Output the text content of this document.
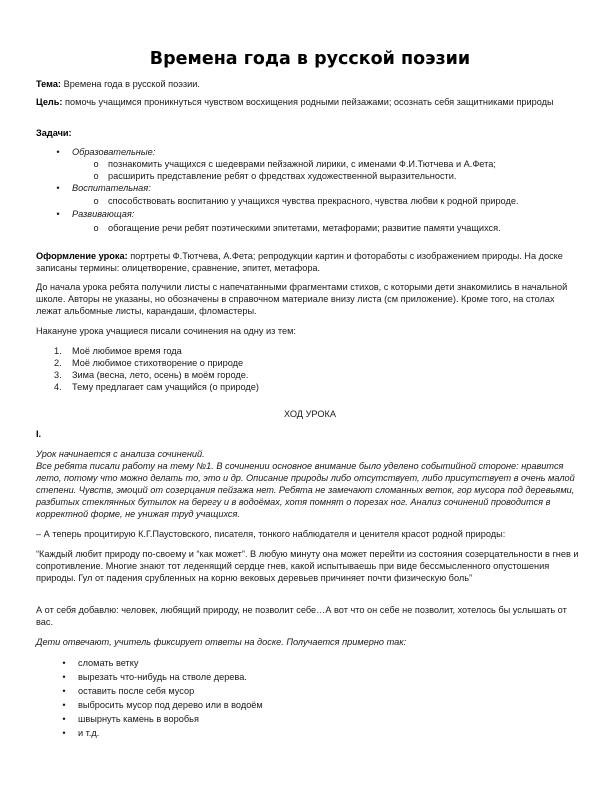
Времена года в русской поэзии
Тема: Времена года в русской поэзии.
Цель: помочь учащимся проникнуться чувством восхищения родными пейзажами; осознать себя защитниками природы
Задачи:
• Образовательные:
o познакомить учащихся с шедеврами пейзажной лирики, с именами Ф.И.Тютчева и А.Фета;
o расширить представление ребят о фредствах художественной выразительности.
• Воспитательная:
o способствовать воспитанию у учащихся чувства прекрасного, чувства любви к родной природе.
• Развивающая:
o обогащение речи ребят поэтическими эпитетами, метафорами; развитие памяти учащихся.
Оформление урока: портреты Ф.Тютчева, А.Фета; репродукции картин и фотоработы с изображением природы. На доске записаны термины: олицетворение, сравнение, эпитет, метафора.
До начала урока ребята получили листы с напечатанными фрагментами стихов, с которыми дети знакомились в начальной школе. Авторы не указаны, но обозначены в справочном материале внизу листа (см приложение). Кроме того, на столах лежат альбомные листы, карандаши, фломастеры.
Накануне урока учащиеся писали сочинения на одну из тем:
1. Моё любимое время года
2. Моё любимое стихотворение о природе
3. Зима (весна, лето, осень) в моём городе.
4. Тему предлагает сам учащийся (о природе)
ХОД УРОКА
I.
Урок начинается с анализа сочинений.
Все ребята писали работу на тему №1. В сочинении основное внимание было уделено событийной стороне: нравится лето, потому что можно делать то, это и др. Описание природы либо отсутствует, либо присутствует в очень малой степени. Чувств, эмоций от созерцания пейзажа нет. Ребята не замечают сломанных веток, гор мусора под деревьями, разбитых стеклянных бутылок на берегу и в водоёмах, хотя помнят о порезах ног. Анализ сочинений проводится в корректной форме, не унижая труд учащихся.
– А теперь процитирую К.Г.Паустовского, писателя, тонкого наблюдателя и ценителя красот родной природы:
“Каждый любит природу по-своему и “как может”. В любую минуту она может перейти из состояния созерцательности в гнев и сопротивление. Многие знают тот леденящий сердце гнев, какой испытываешь при виде бессмысленного опустошения природы. Гул от падения срубленных на корню вековых деревьев причиняет почти физическую боль”
А от себя добавлю: человек, любящий природу, не позволит себе…А вот что он себе не позволит, хотелось бы услышать от вас.
Дети отвечают, учитель фиксирует ответы на доске. Получается примерно так:
• сломать ветку
• вырезать что-нибудь на стволе дерева.
• оставить после себя мусор
• выбросить мусор под дерево или в водоём
• швырнуть камень в воробья
• и т.д.
